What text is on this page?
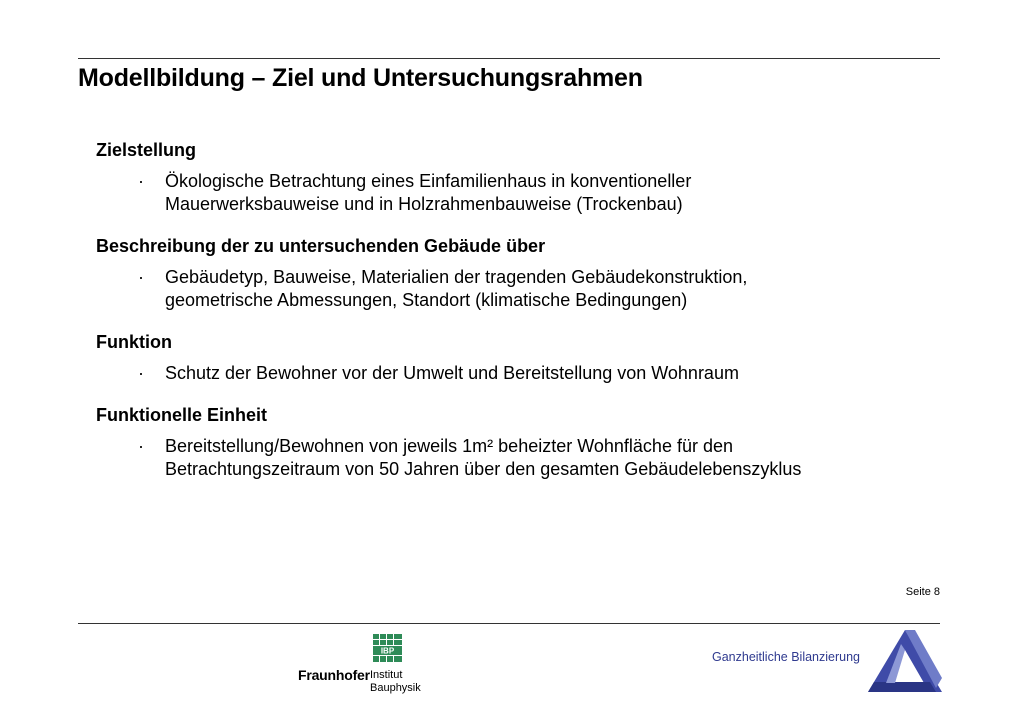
Modellbildung – Ziel und Untersuchungsrahmen
Zielstellung
· Ökologische Betrachtung eines Einfamilienhaus in konventioneller
Mauerwerksbauweise und in Holzrahmenbauweise (Trockenbau)
Beschreibung der zu untersuchenden Gebäude über
· Gebäudetyp, Bauweise, Materialien der tragenden Gebäudekonstruktion,
geometrische Abmessungen, Standort (klimatische Bedingungen)
Funktion
· Schutz der Bewohner vor der Umwelt und Bereitstellung von Wohnraum
Funktionelle Einheit
· Bereitstellung/Bewohnen von jeweils 1m² beheizter Wohnfläche für den
Betrachtungszeitraum von 50 Jahren über den gesamten Gebäudelebenszyklus
Seite 8
IBP
Fraunhofer Institut
Bauphysik
Ganzheitliche Bilanzierung
